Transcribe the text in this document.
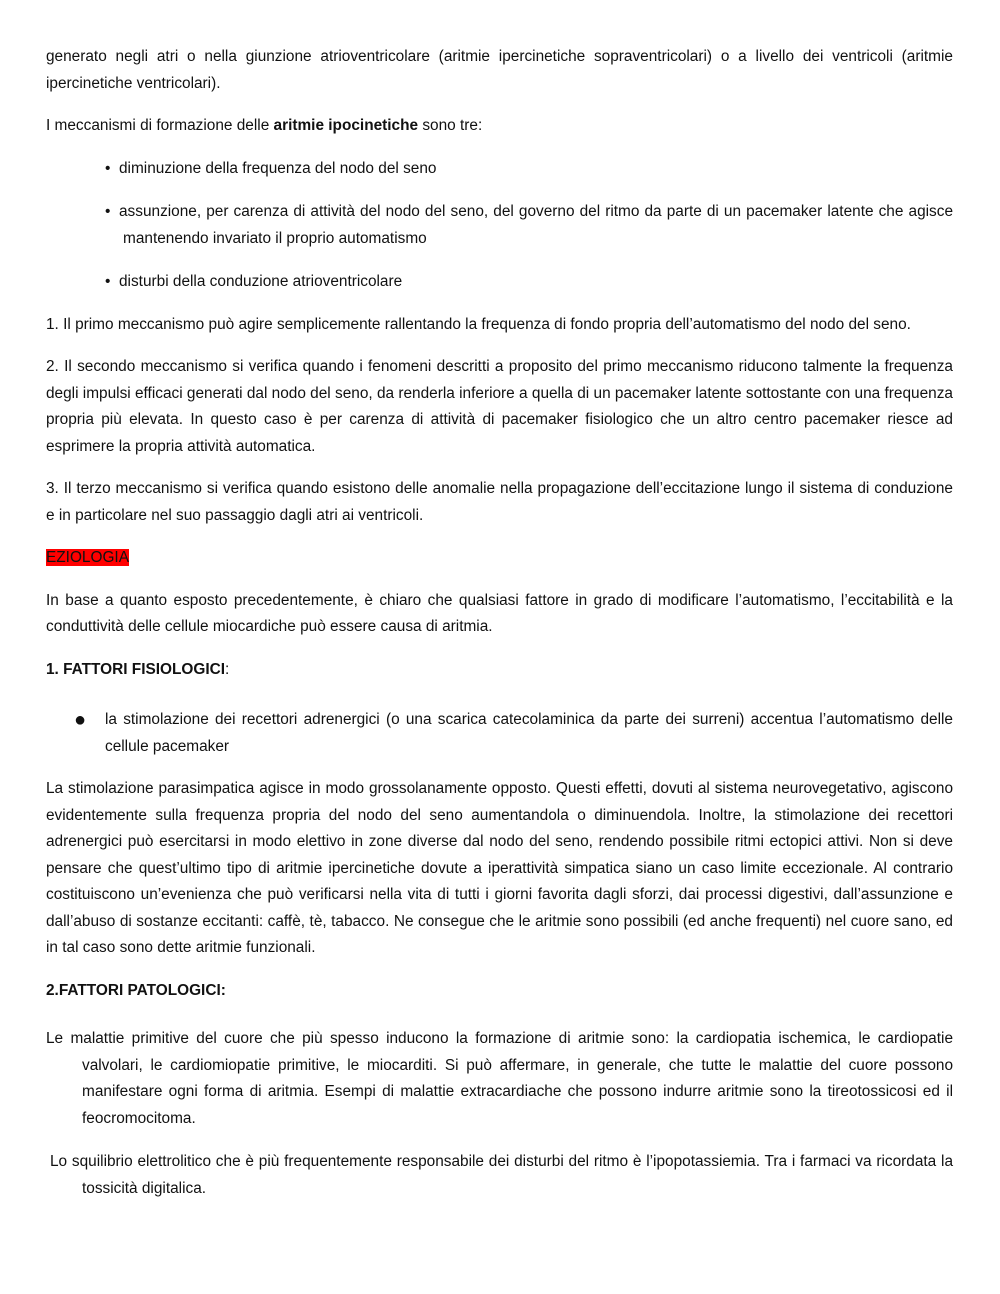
generato negli atri o nella giunzione atrioventricolare (aritmie ipercinetiche sopraventricolari) o a livello dei ventricoli (aritmie ipercinetiche ventricolari).

I meccanismi di formazione delle aritmie ipocinetiche sono tre:

• diminuzione della frequenza del nodo del seno
• assunzione, per carenza di attività del nodo del seno, del governo del ritmo da parte di un pacemaker latente che agisce mantenendo invariato il proprio automatismo
• disturbi della conduzione atrioventricolare

1. Il primo meccanismo può agire semplicemente rallentando la frequenza di fondo propria dell’automatismo del nodo del seno.

2. Il secondo meccanismo si verifica quando i fenomeni descritti a proposito del primo meccanismo riducono talmente la frequenza degli impulsi efficaci generati dal nodo del seno, da renderla inferiore a quella di un pacemaker latente sottostante con una frequenza propria più elevata. In questo caso è per carenza di attività di pacemaker fisiologico che un altro centro pacemaker riesce ad esprimere la propria attività automatica.

3. Il terzo meccanismo si verifica quando esistono delle anomalie nella propagazione dell’eccitazione lungo il sistema di conduzione e in particolare nel suo passaggio dagli atri ai ventricoli.

EZIOLOGIA

In base a quanto esposto precedentemente, è chiaro che qualsiasi fattore in grado di modificare l’automatismo, l’eccitabilità e la conduttività delle cellule miocardiche può essere causa di aritmia.

1. FATTORI FISIOLOGICI:

● la stimolazione dei recettori adrenergici (o una scarica catecolaminica da parte dei surreni) accentua l’automatismo delle cellule pacemaker

La stimolazione parasimpatica agisce in modo grossolanamente opposto. Questi effetti, dovuti al sistema neurovegetativo, agiscono evidentemente sulla frequenza propria del nodo del seno aumentandola o diminuendola. Inoltre, la stimolazione dei recettori adrenergici può esercitarsi in modo elettivo in zone diverse dal nodo del seno, rendendo possibile ritmi ectopici attivi. Non si deve pensare che quest’ultimo tipo di aritmie ipercinetiche dovute a iperattività simpatica siano un caso limite eccezionale. Al contrario costituiscono un’evenienza che può verificarsi nella vita di tutti i giorni favorita dagli sforzi, dai processi digestivi, dall’assunzione e dall’abuso di sostanze eccitanti: caffè, tè, tabacco. Ne consegue che le aritmie sono possibili (ed anche frequenti) nel cuore sano, ed in tal caso sono dette aritmie funzionali.

2.FATTORI PATOLOGICI:

Le malattie primitive del cuore che più spesso inducono la formazione di aritmie sono: la cardiopatia ischemica, le cardiopatie valvolari, le cardiomiopatie primitive, le miocarditi. Si può affermare, in generale, che tutte le malattie del cuore possono manifestare ogni forma di aritmia. Esempi di malattie extracardiache che possono indurre aritmie sono la tireotossicosi ed il feocromocitoma.

Lo squilibrio elettrolitico che è più frequentemente responsabile dei disturbi del ritmo è l’ipopotassiemia. Tra i farmaci va ricordata la tossicità digitalica.
